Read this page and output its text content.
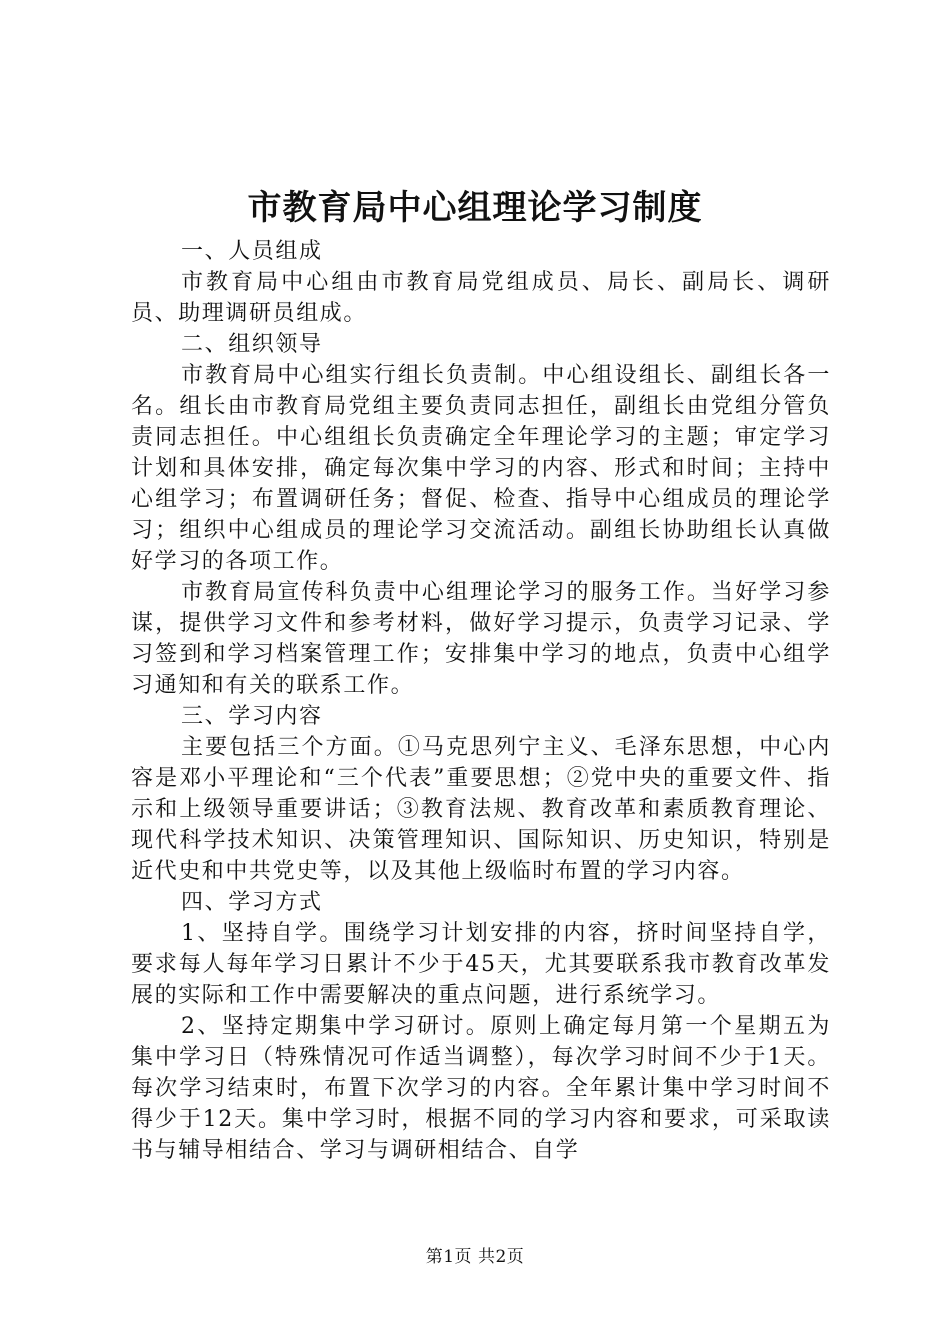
市教育局中心组理论学习制度

一、人员组成

市教育局中心组由市教育局党组成员、局长、副局长、调研员、助理调研员组成。

二、组织领导

市教育局中心组实行组长负责制。中心组设组长、副组长各一名。组长由市教育局党组主要负责同志担任，副组长由党组分管负责同志担任。中心组组长负责确定全年理论学习的主题；审定学习计划和具体安排，确定每次集中学习的内容、形式和时间；主持中心组学习；布置调研任务；督促、检查、指导中心组成员的理论学习；组织中心组成员的理论学习交流活动。副组长协助组长认真做好学习的各项工作。

市教育局宣传科负责中心组理论学习的服务工作。当好学习参谋，提供学习文件和参考材料，做好学习提示，负责学习记录、学习签到和学习档案管理工作；安排集中学习的地点，负责中心组学习通知和有关的联系工作。

三、学习内容

主要包括三个方面。①马克思列宁主义、毛泽东思想，中心内容是邓小平理论和“三个代表”重要思想；②党中央的重要文件、指示和上级领导重要讲话；③教育法规、教育改革和素质教育理论、现代科学技术知识、决策管理知识、国际知识、历史知识，特别是近代史和中共党史等，以及其他上级临时布置的学习内容。

四、学习方式

1、坚持自学。围绕学习计划安排的内容，挤时间坚持自学，要求每人每年学习日累计不少于45天，尤其要联系我市教育改革发展的实际和工作中需要解决的重点问题，进行系统学习。

2、坚持定期集中学习研讨。原则上确定每月第一个星期五为集中学习日（特殊情况可作适当调整），每次学习时间不少于1天。每次学习结束时，布置下次学习的内容。全年累计集中学习时间不得少于12天。集中学习时，根据不同的学习内容和要求，可采取读书与辅导相结合、学习与调研相结合、自学

第1页 共2页
